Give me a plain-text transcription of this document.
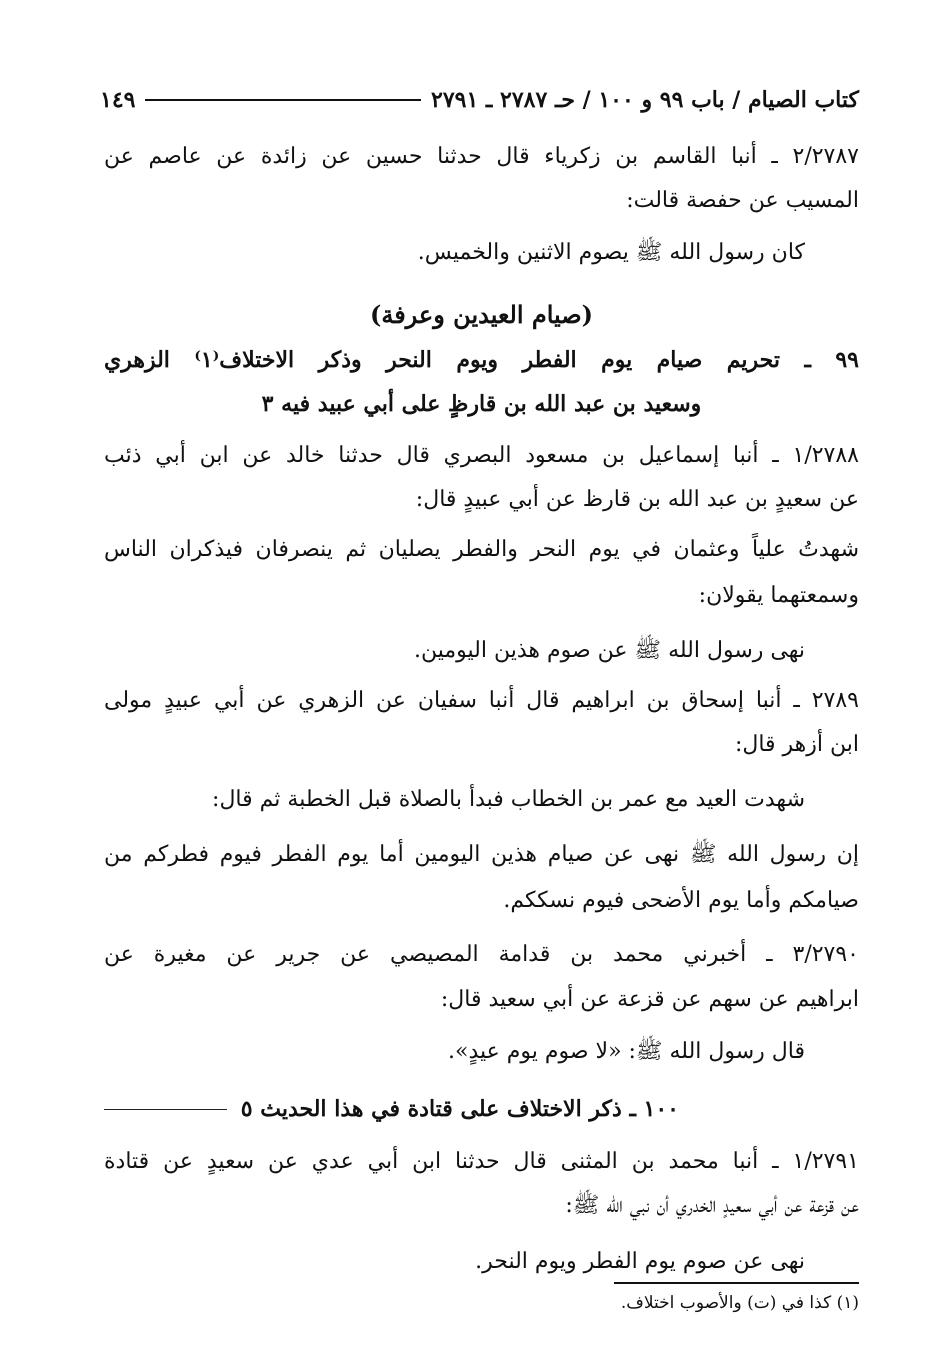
كتاب الصيام / باب ٩٩ و ١٠٠ / حـ ٢٧٨٧ ـ ٢٧٩١
١٤٩
٢/٢٧٨٧ ـ أنبا القاسم بن زكرياء قال حدثنا حسين عن زائدة عن عاصم عن
المسيب عن حفصة قالت:
كان رسول الله ﷺ يصوم الاثنين والخميس.
(صيام العيدين وعرفة)
٩٩ ـ تحريم صيام يوم الفطر ويوم النحر وذكر الاختلاف⁽١⁾ الزهري
وسعيد بن عبد الله بن قارظٍ على أبي عبيد فيه ٣
١/٢٧٨٨ ـ أنبا إسماعيل بن مسعود البصري قال حدثنا خالد عن ابن أبي ذئب
عن سعيدٍ بن عبد الله بن قارظ عن أبي عبيدٍ قال:
شهدتُ علياً وعثمان في يوم النحر والفطر يصليان ثم ينصرفان فيذكران الناس
وسمعتهما يقولان:
نهى رسول الله ﷺ عن صوم هذين اليومين.
٢٧٨٩ ـ أنبا إسحاق بن ابراهيم قال أنبا سفيان عن الزهري عن أبي عبيدٍ مولى
ابن أزهر قال:
شهدت العيد مع عمر بن الخطاب فبدأ بالصلاة قبل الخطبة ثم قال:
إن رسول الله ﷺ نهى عن صيام هذين اليومين أما يوم الفطر فيوم فطركم من
صيامكم وأما يوم الأضحى فيوم نسككم.
٣/٢٧٩٠ ـ أخبرني محمد بن قدامة المصيصي عن جرير عن مغيرة عن
ابراهيم عن سهم عن قزعة عن أبي سعيد قال:
قال رسول الله ﷺ: «لا صوم يوم عيدٍ».
١٠٠ ـ ذكر الاختلاف على قتادة في هذا الحديث ٥
١/٢٧٩١ ـ أنبا محمد بن المثنى قال حدثنا ابن أبي عدي عن سعيدٍ عن قتادة
عن قزعة عن أبي سعيدٍ الخدري أن نبي الله ﷺ:
نهى عن صوم يوم الفطر ويوم النحر.
(١) كذا في (ت) والأصوب اختلاف.
